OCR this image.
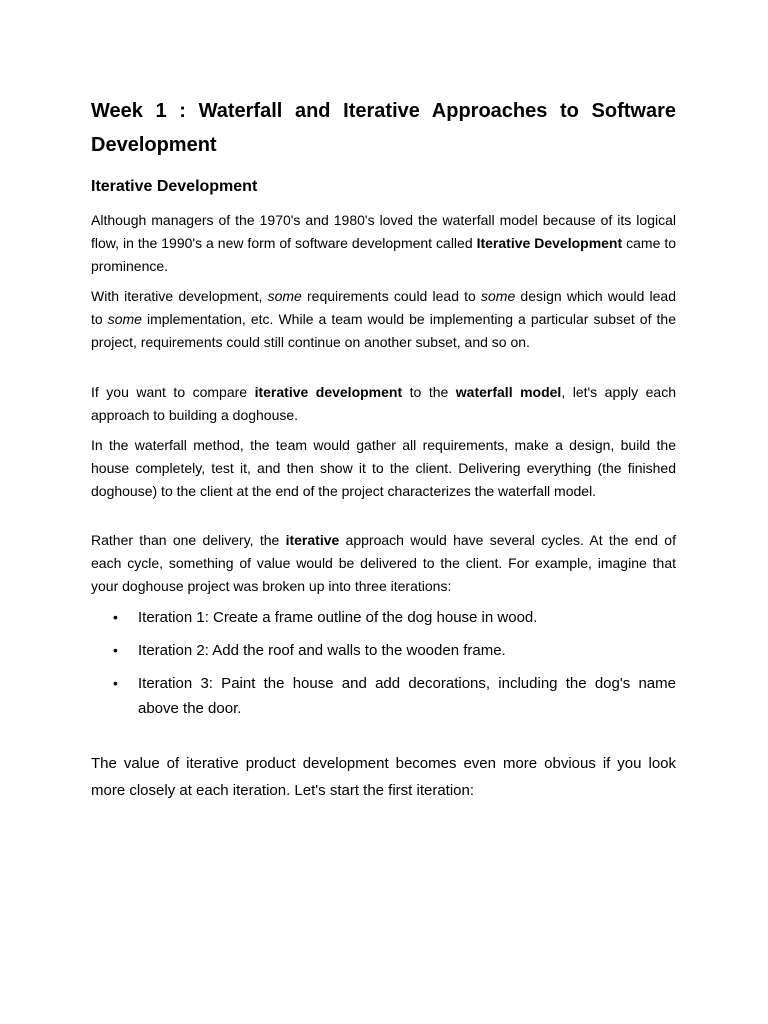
Week 1 : Waterfall and Iterative Approaches to Software Development
Iterative Development

Although managers of the 1970's and 1980's loved the waterfall model because of its logical flow, in the 1990's a new form of software development called Iterative Development came to prominence.

With iterative development, some requirements could lead to some design which would lead to some implementation, etc. While a team would be implementing a particular subset of the project, requirements could still continue on another subset, and so on.

If you want to compare iterative development to the waterfall model, let's apply each approach to building a doghouse.

In the waterfall method, the team would gather all requirements, make a design, build the house completely, test it, and then show it to the client. Delivering everything (the finished doghouse) to the client at the end of the project characterizes the waterfall model.

Rather than one delivery, the iterative approach would have several cycles. At the end of each cycle, something of value would be delivered to the client. For example, imagine that your doghouse project was broken up into three iterations:

• Iteration 1: Create a frame outline of the dog house in wood.
• Iteration 2: Add the roof and walls to the wooden frame.
• Iteration 3: Paint the house and add decorations, including the dog's name above the door.

The value of iterative product development becomes even more obvious if you look more closely at each iteration. Let's start the first iteration:
